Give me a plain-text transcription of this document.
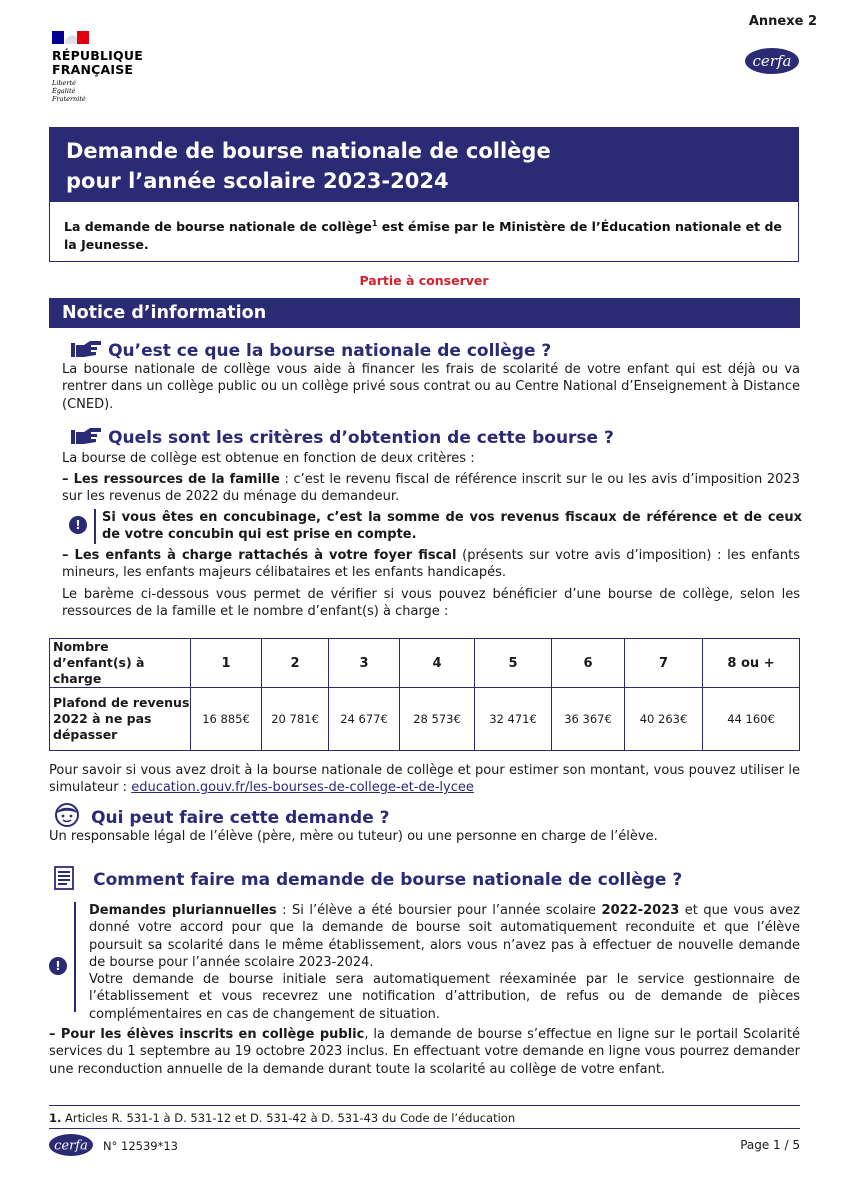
Annexe 2
RÉPUBLIQUE
FRANÇAISE
Liberté
Égalité
Fraternité
cerfa
Demande de bourse nationale de collège
pour l’année scolaire 2023-2024
La demande de bourse nationale de collège$^1$ est émise par le Ministère de l’Éducation nationale et de la Jeunesse.
Partie à conserver
Notice d’information
Qu’est ce que la bourse nationale de collège ?
La bourse nationale de collège vous aide à financer les frais de scolarité de votre enfant qui est déjà ou va rentrer dans un collège public ou un collège privé sous contrat ou au Centre National d’Enseignement à Distance (CNED).
Quels sont les critères d’obtention de cette bourse ?
La bourse de collège est obtenue en fonction de deux critères :
– Les ressources de la famille : c’est le revenu fiscal de référence inscrit sur le ou les avis d’imposition 2023 sur les revenus de 2022 du ménage du demandeur.
!	Si vous êtes en concubinage, c’est la somme de vos revenus fiscaux de référence et de ceux de votre concubin qui est prise en compte.
– Les enfants à charge rattachés à votre foyer fiscal (présents sur votre avis d’imposition) : les enfants mineurs, les enfants majeurs célibataires et les enfants handicapés.
Le barème ci-dessous vous permet de vérifier si vous pouvez bénéficier d’une bourse de collège, selon les ressources de la famille et le nombre d’enfant(s) à charge :
Nombre d’enfant(s) à charge	1	2	3	4	5	6	7	8 ou +
Plafond de revenus 2022 à ne pas dépasser	16 885€	20 781€	24 677€	28 573€	32 471€	36 367€	40 263€	44 160€
Pour savoir si vous avez droit à la bourse nationale de collège et pour estimer son montant, vous pouvez utiliser le simulateur : education.gouv.fr/les-bourses-de-college-et-de-lycee
Qui peut faire cette demande ?
Un responsable légal de l’élève (père, mère ou tuteur) ou une personne en charge de l’élève.
Comment faire ma demande de bourse nationale de collège ?
!
Demandes pluriannuelles : Si l’élève a été boursier pour l’année scolaire 2022-2023 et que vous avez donné votre accord pour que la demande de bourse soit automatiquement reconduite et que l’élève poursuit sa scolarité dans le même établissement, alors vous n’avez pas à effectuer de nouvelle demande de bourse pour l’année scolaire 2023-2024.
Votre demande de bourse initiale sera automatiquement réexaminée par le service gestionnaire de l’établissement et vous recevrez une notification d’attribution, de refus ou de demande de pièces complémentaires en cas de changement de situation.
– Pour les élèves inscrits en collège public, la demande de bourse s’effectue en ligne sur le portail Scolarité services du 1 septembre au 19 octobre 2023 inclus. En effectuant votre demande en ligne vous pourrez demander une reconduction annuelle de la demande durant toute la scolarité au collège de votre enfant.
1. Articles R. 531-1 à D. 531-12 et D. 531-42 à D. 531-43 du Code de l’éducation
cerfa N° 12539*13	Page 1 / 5
